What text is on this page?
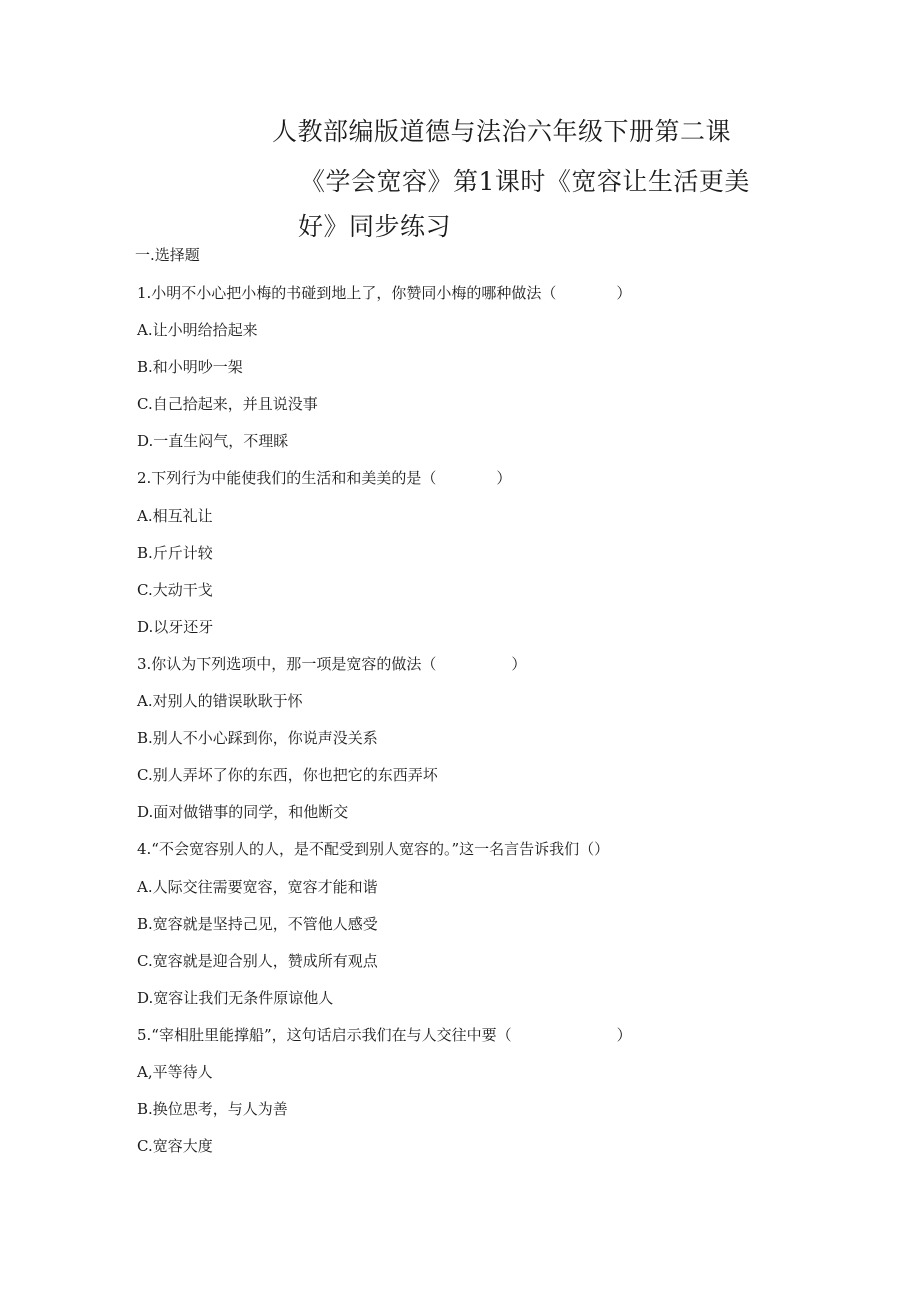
人教部编版道德与法治六年级下册第二课
《学会宽容》第1课时《宽容让生活更美
好》同步练习
一.选择题
1.小明不小心把小梅的书碰到地上了，你赞同小梅的哪种做法（　　　　）
A.让小明给拾起来
B.和小明吵一架
C.自己拾起来，并且说没事
D.一直生闷气，不理睬
2.下列行为中能使我们的生活和和美美的是（　　　　）
A.相互礼让
B.斤斤计较
C.大动干戈
D.以牙还牙
3.你认为下列选项中，那一项是宽容的做法（　　　　　）
A.对别人的错误耿耿于怀
B.别人不小心踩到你，你说声没关系
C.别人弄坏了你的东西，你也把它的东西弄坏
D.面对做错事的同学，和他断交
4.“不会宽容别人的人，是不配受到别人宽容的。”这一名言告诉我们（）
A.人际交往需要宽容，宽容才能和谐
B.宽容就是坚持己见，不管他人感受
C.宽容就是迎合别人，赞成所有观点
D.宽容让我们无条件原谅他人
5.“宰相肚里能撑船”，这句话启示我们在与人交往中要（　　　　　　　）
A,平等待人
B.换位思考，与人为善
C.宽容大度
